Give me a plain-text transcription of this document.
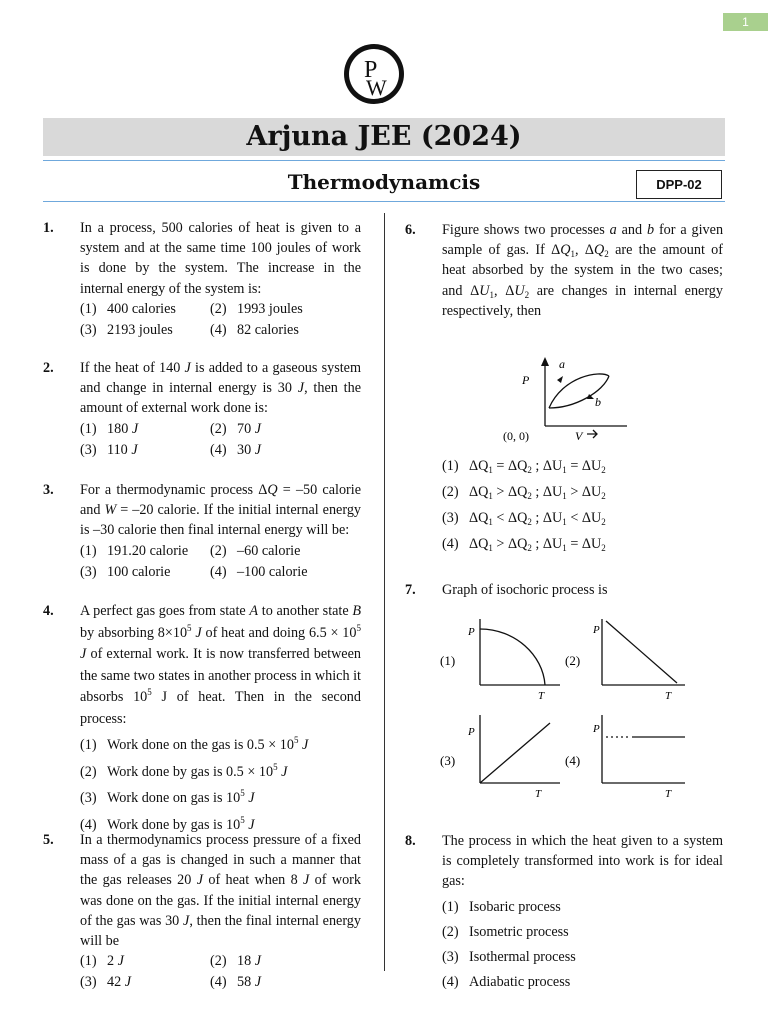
1
P
W
Arjuna JEE (2024)
Thermodynamcis	DPP-02
1. In a process, 500 calories of heat is given to a system and at the same time 100 joules of work is done by the system. The increase in the internal energy of the system is:
(1) 400 calories	(2) 1993 joules
(3) 2193 joules	(4) 82 calories
2. If the heat of 140 J is added to a gaseous system and change in internal energy is 30 J, then the amount of external work done is:
(1) 180 J	(2) 70 J
(3) 110 J	(4) 30 J
3. For a thermodynamic process ΔQ = –50 calorie and W = –20 calorie. If the initial internal energy is –30 calorie then final internal energy will be:
(1) 191.20 calorie	(2) –60 calorie
(3) 100 calorie	(4) –100 calorie
4. A perfect gas goes from state A to another state B by absorbing $8\times 10^5$ J of heat and doing $6.5 \times 10^5$ J of external work. It is now transferred between the same two states in another process in which it absorbs $10^5$ J of heat. Then in the second process:
(1) Work done on the gas is $0.5 \times 10^5$ J
(2) Work done by gas is $0.5 \times 10^5$ J
(3) Work done on gas is $10^5$ J
(4) Work done by gas is $10^5$ J
5. In a thermodynamics process pressure of a fixed mass of a gas is changed in such a manner that the gas releases 20 J of heat when 8 J of work was done on the gas. If the initial internal energy of the gas was 30 J, then the final internal energy will be
(1) 2 J	(2) 18 J
(3) 42 J	(4) 58 J
6. Figure shows two processes a and b for a given sample of gas. If $\Delta Q_1$, $\Delta Q_2$ are the amount of heat absorbed by the system in the two cases; and $\Delta U_1$, $\Delta U_2$ are changes in internal energy respectively, then
a
b
P
(0, 0)	V
(1) $\Delta Q_1 = \Delta Q_2$ ; $\Delta U_1 = \Delta U_2$
(2) $\Delta Q_1 > \Delta Q_2$ ; $\Delta U_1 > \Delta U_2$
(3) $\Delta Q_1 < \Delta Q_2$ ; $\Delta U_1 < \Delta U_2$
(4) $\Delta Q_1 > \Delta Q_2$ ; $\Delta U_1 = \Delta U_2$
7. Graph of isochoric process is
(1)
P
T
(2)
P
T
(3)
P
T
(4)
P
T
8. The process in which the heat given to a system is completely transformed into work is for ideal gas:
(1) Isobaric process
(2) Isometric process
(3) Isothermal process
(4) Adiabatic process
